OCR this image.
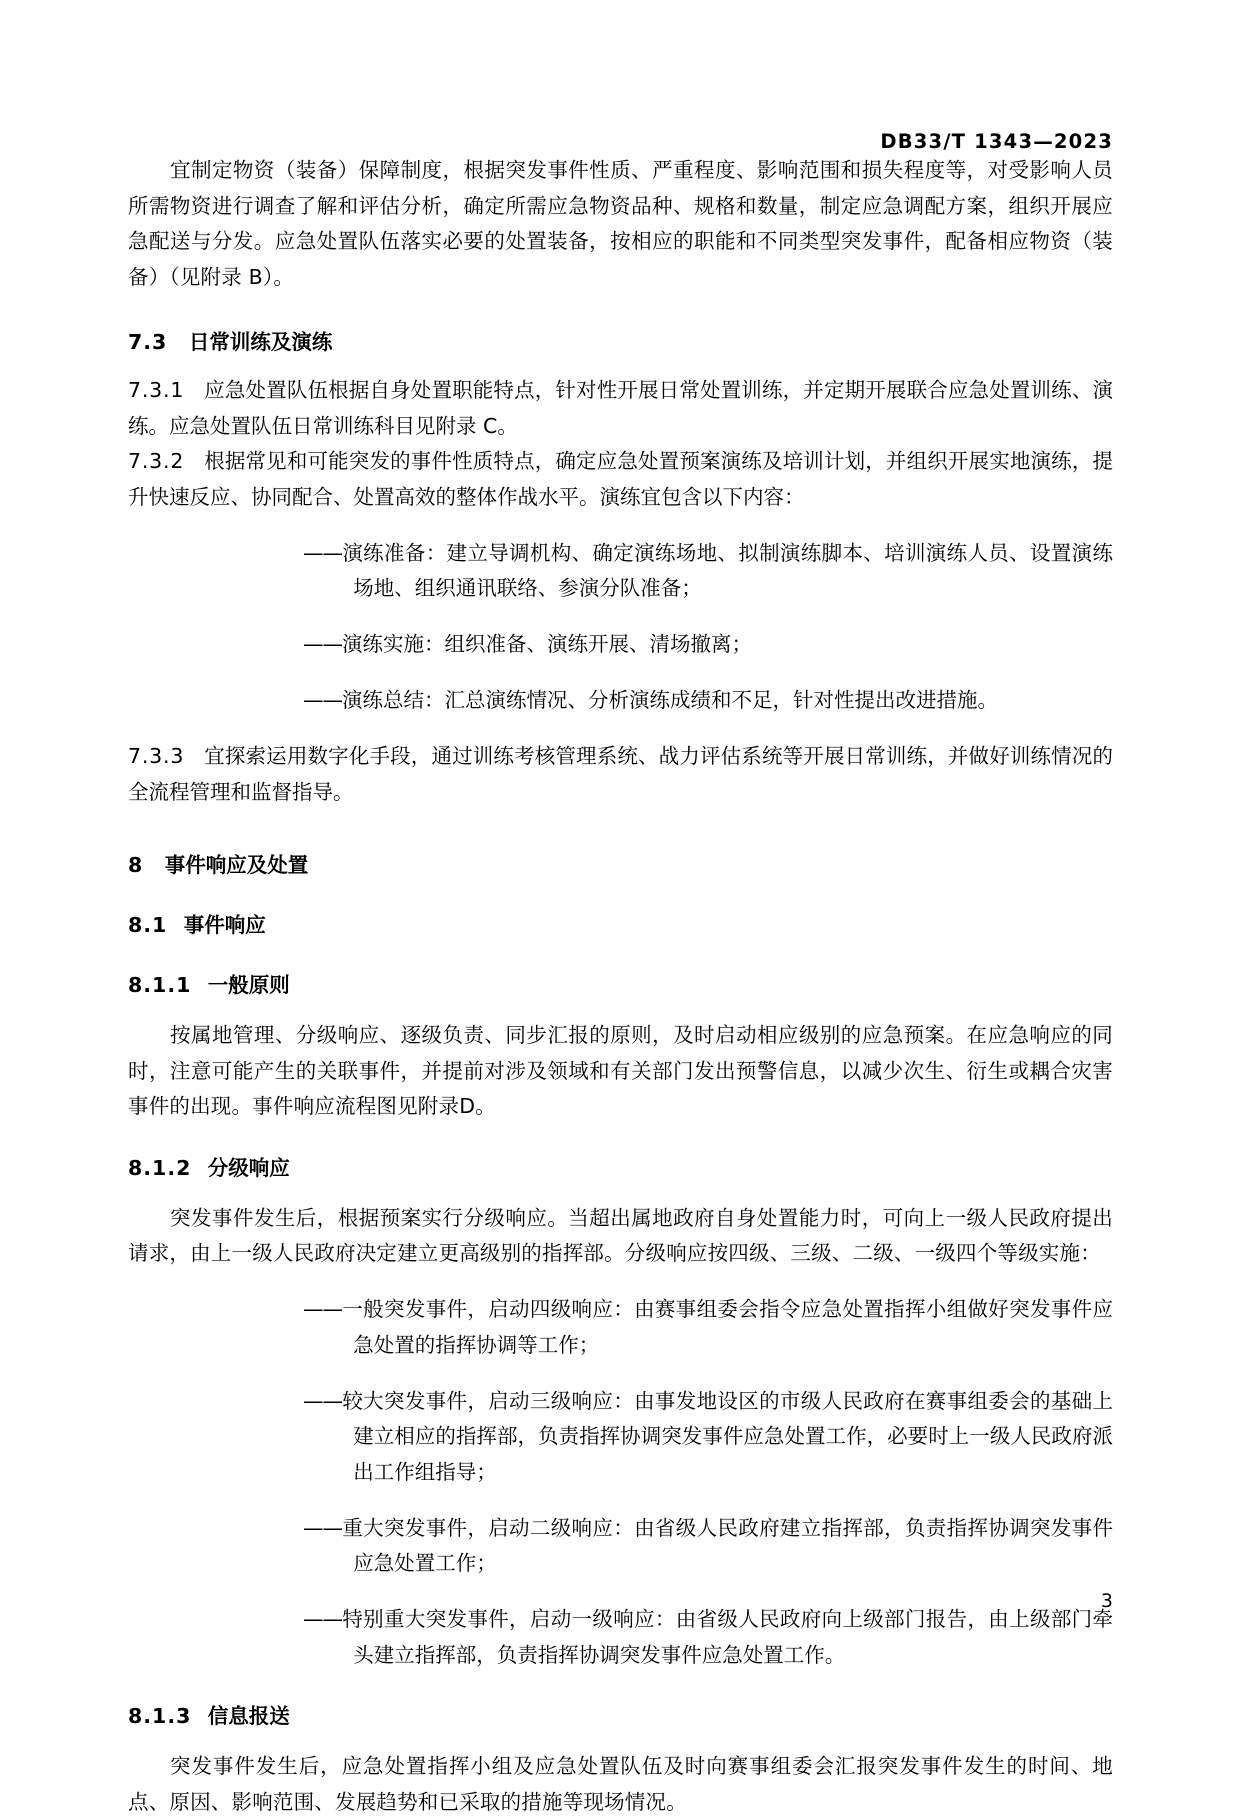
DB33/T 1343—2023

宜制定物资（装备）保障制度，根据突发事件性质、严重程度、影响范围和损失程度等，对受影响人员所需物资进行调查了解和评估分析，确定所需应急物资品种、规格和数量，制定应急调配方案，组织开展应急配送与分发。应急处置队伍落实必要的处置装备，按相应的职能和不同类型突发事件，配备相应物资（装备）（见附录 B）。

7.3 日常训练及演练

7.3.1 应急处置队伍根据自身处置职能特点，针对性开展日常处置训练，并定期开展联合应急处置训练、演练。应急处置队伍日常训练科目见附录 C。

7.3.2 根据常见和可能突发的事件性质特点，确定应急处置预案演练及培训计划，并组织开展实地演练，提升快速反应、协同配合、处置高效的整体作战水平。演练宜包含以下内容：

——演练准备：建立导调机构、确定演练场地、拟制演练脚本、培训演练人员、设置演练场地、组织通讯联络、参演分队准备；

——演练实施：组织准备、演练开展、清场撤离；

——演练总结：汇总演练情况、分析演练成绩和不足，针对性提出改进措施。

7.3.3 宜探索运用数字化手段，通过训练考核管理系统、战力评估系统等开展日常训练，并做好训练情况的全流程管理和监督指导。

8 事件响应及处置
8.1 事件响应
8.1.1 一般原则

按属地管理、分级响应、逐级负责、同步汇报的原则，及时启动相应级别的应急预案。在应急响应的同时，注意可能产生的关联事件，并提前对涉及领域和有关部门发出预警信息，以减少次生、衍生或耦合灾害事件的出现。事件响应流程图见附录D。

8.1.2 分级响应

突发事件发生后，根据预案实行分级响应。当超出属地政府自身处置能力时，可向上一级人民政府提出请求，由上一级人民政府决定建立更高级别的指挥部。分级响应按四级、三级、二级、一级四个等级实施：

——一般突发事件，启动四级响应：由赛事组委会指令应急处置指挥小组做好突发事件应急处置的指挥协调等工作；

——较大突发事件，启动三级响应：由事发地设区的市级人民政府在赛事组委会的基础上建立相应的指挥部，负责指挥协调突发事件应急处置工作，必要时上一级人民政府派出工作组指导；

——重大突发事件，启动二级响应：由省级人民政府建立指挥部，负责指挥协调突发事件应急处置工作；

——特别重大突发事件，启动一级响应：由省级人民政府向上级部门报告，由上级部门牵头建立指挥部，负责指挥协调突发事件应急处置工作。

8.1.3 信息报送

突发事件发生后，应急处置指挥小组及应急处置队伍及时向赛事组委会汇报突发事件发生的时间、地点、原因、影响范围、发展趋势和已采取的措施等现场情况。

3
